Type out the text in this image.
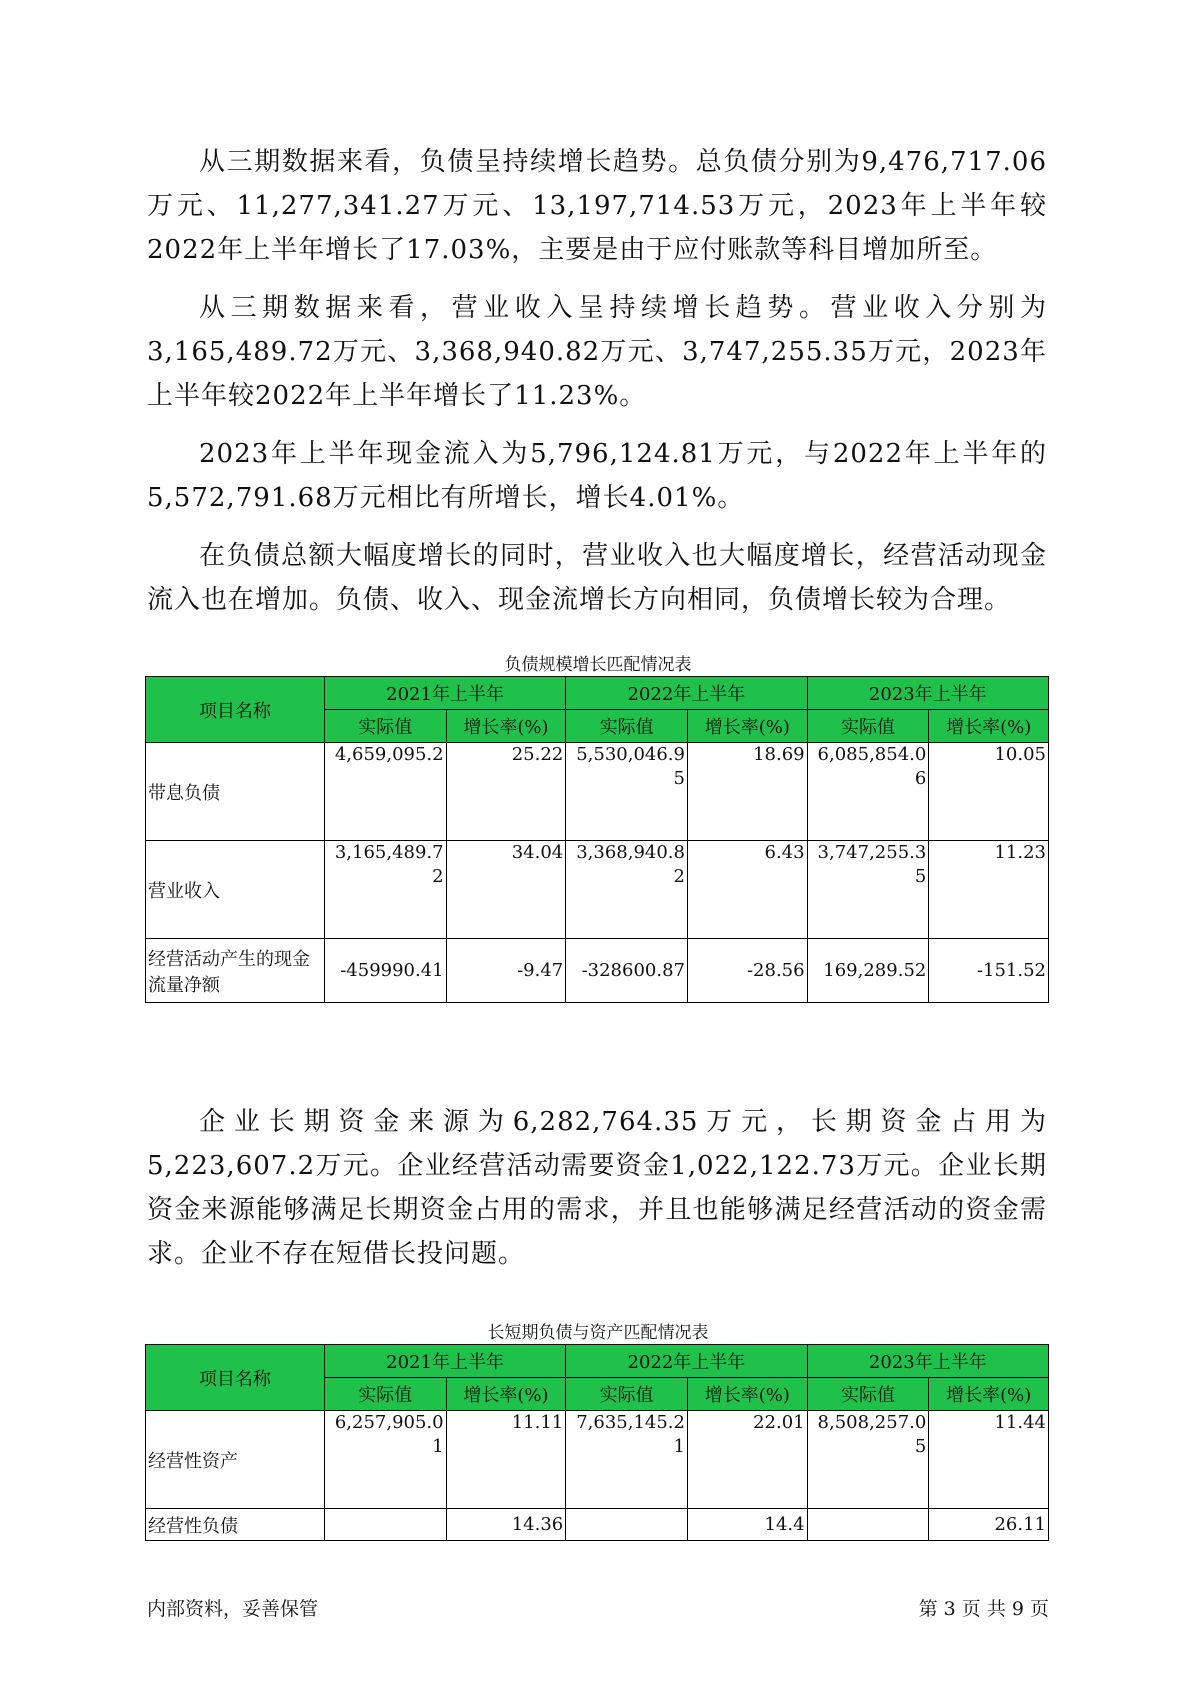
从三期数据来看，负债呈持续增长趋势。总负债分别为9,476,717.06万元、11,277,341.27万元、13,197,714.53万元，2023年上半年较2022年上半年增长了17.03%，主要是由于应付账款等科目增加所至。

从三期数据来看，营业收入呈持续增长趋势。营业收入分别为3,165,489.72万元、3,368,940.82万元、3,747,255.35万元，2023年上半年较2022年上半年增长了11.23%。

2023年上半年现金流入为5,796,124.81万元，与2022年上半年的5,572,791.68万元相比有所增长，增长4.01%。

在负债总额大幅度增长的同时，营业收入也大幅度增长，经营活动现金流入也在增加。负债、收入、现金流增长方向相同，负债增长较为合理。

负债规模增长匹配情况表
项目名称	2021年上半年		2022年上半年		2023年上半年	
	实际值	增长率(%)	实际值	增长率(%)	实际值	增长率(%)
带息负债	4,659,095.2	25.22	5,530,046.95	18.69	6,085,854.06	10.05
营业收入	3,165,489.72	34.04	3,368,940.82	6.43	3,747,255.35	11.23
经营活动产生的现金流量净额	-459990.41	-9.47	-328600.87	-28.56	169,289.52	-151.52

企业长期资金来源为6,282,764.35万元，长期资金占用为5,223,607.2万元。企业经营活动需要资金1,022,122.73万元。企业长期资金来源能够满足长期资金占用的需求，并且也能够满足经营活动的资金需求。企业不存在短借长投问题。

长短期负债与资产匹配情况表
项目名称	2021年上半年		2022年上半年		2023年上半年	
	实际值	增长率(%)	实际值	增长率(%)	实际值	增长率(%)
经营性资产	6,257,905.01	11.11	7,635,145.21	22.01	8,508,257.05	11.44
经营性负债		14.36		14.4		26.11
内部资料，妥善保管	第 3 页 共 9 页
